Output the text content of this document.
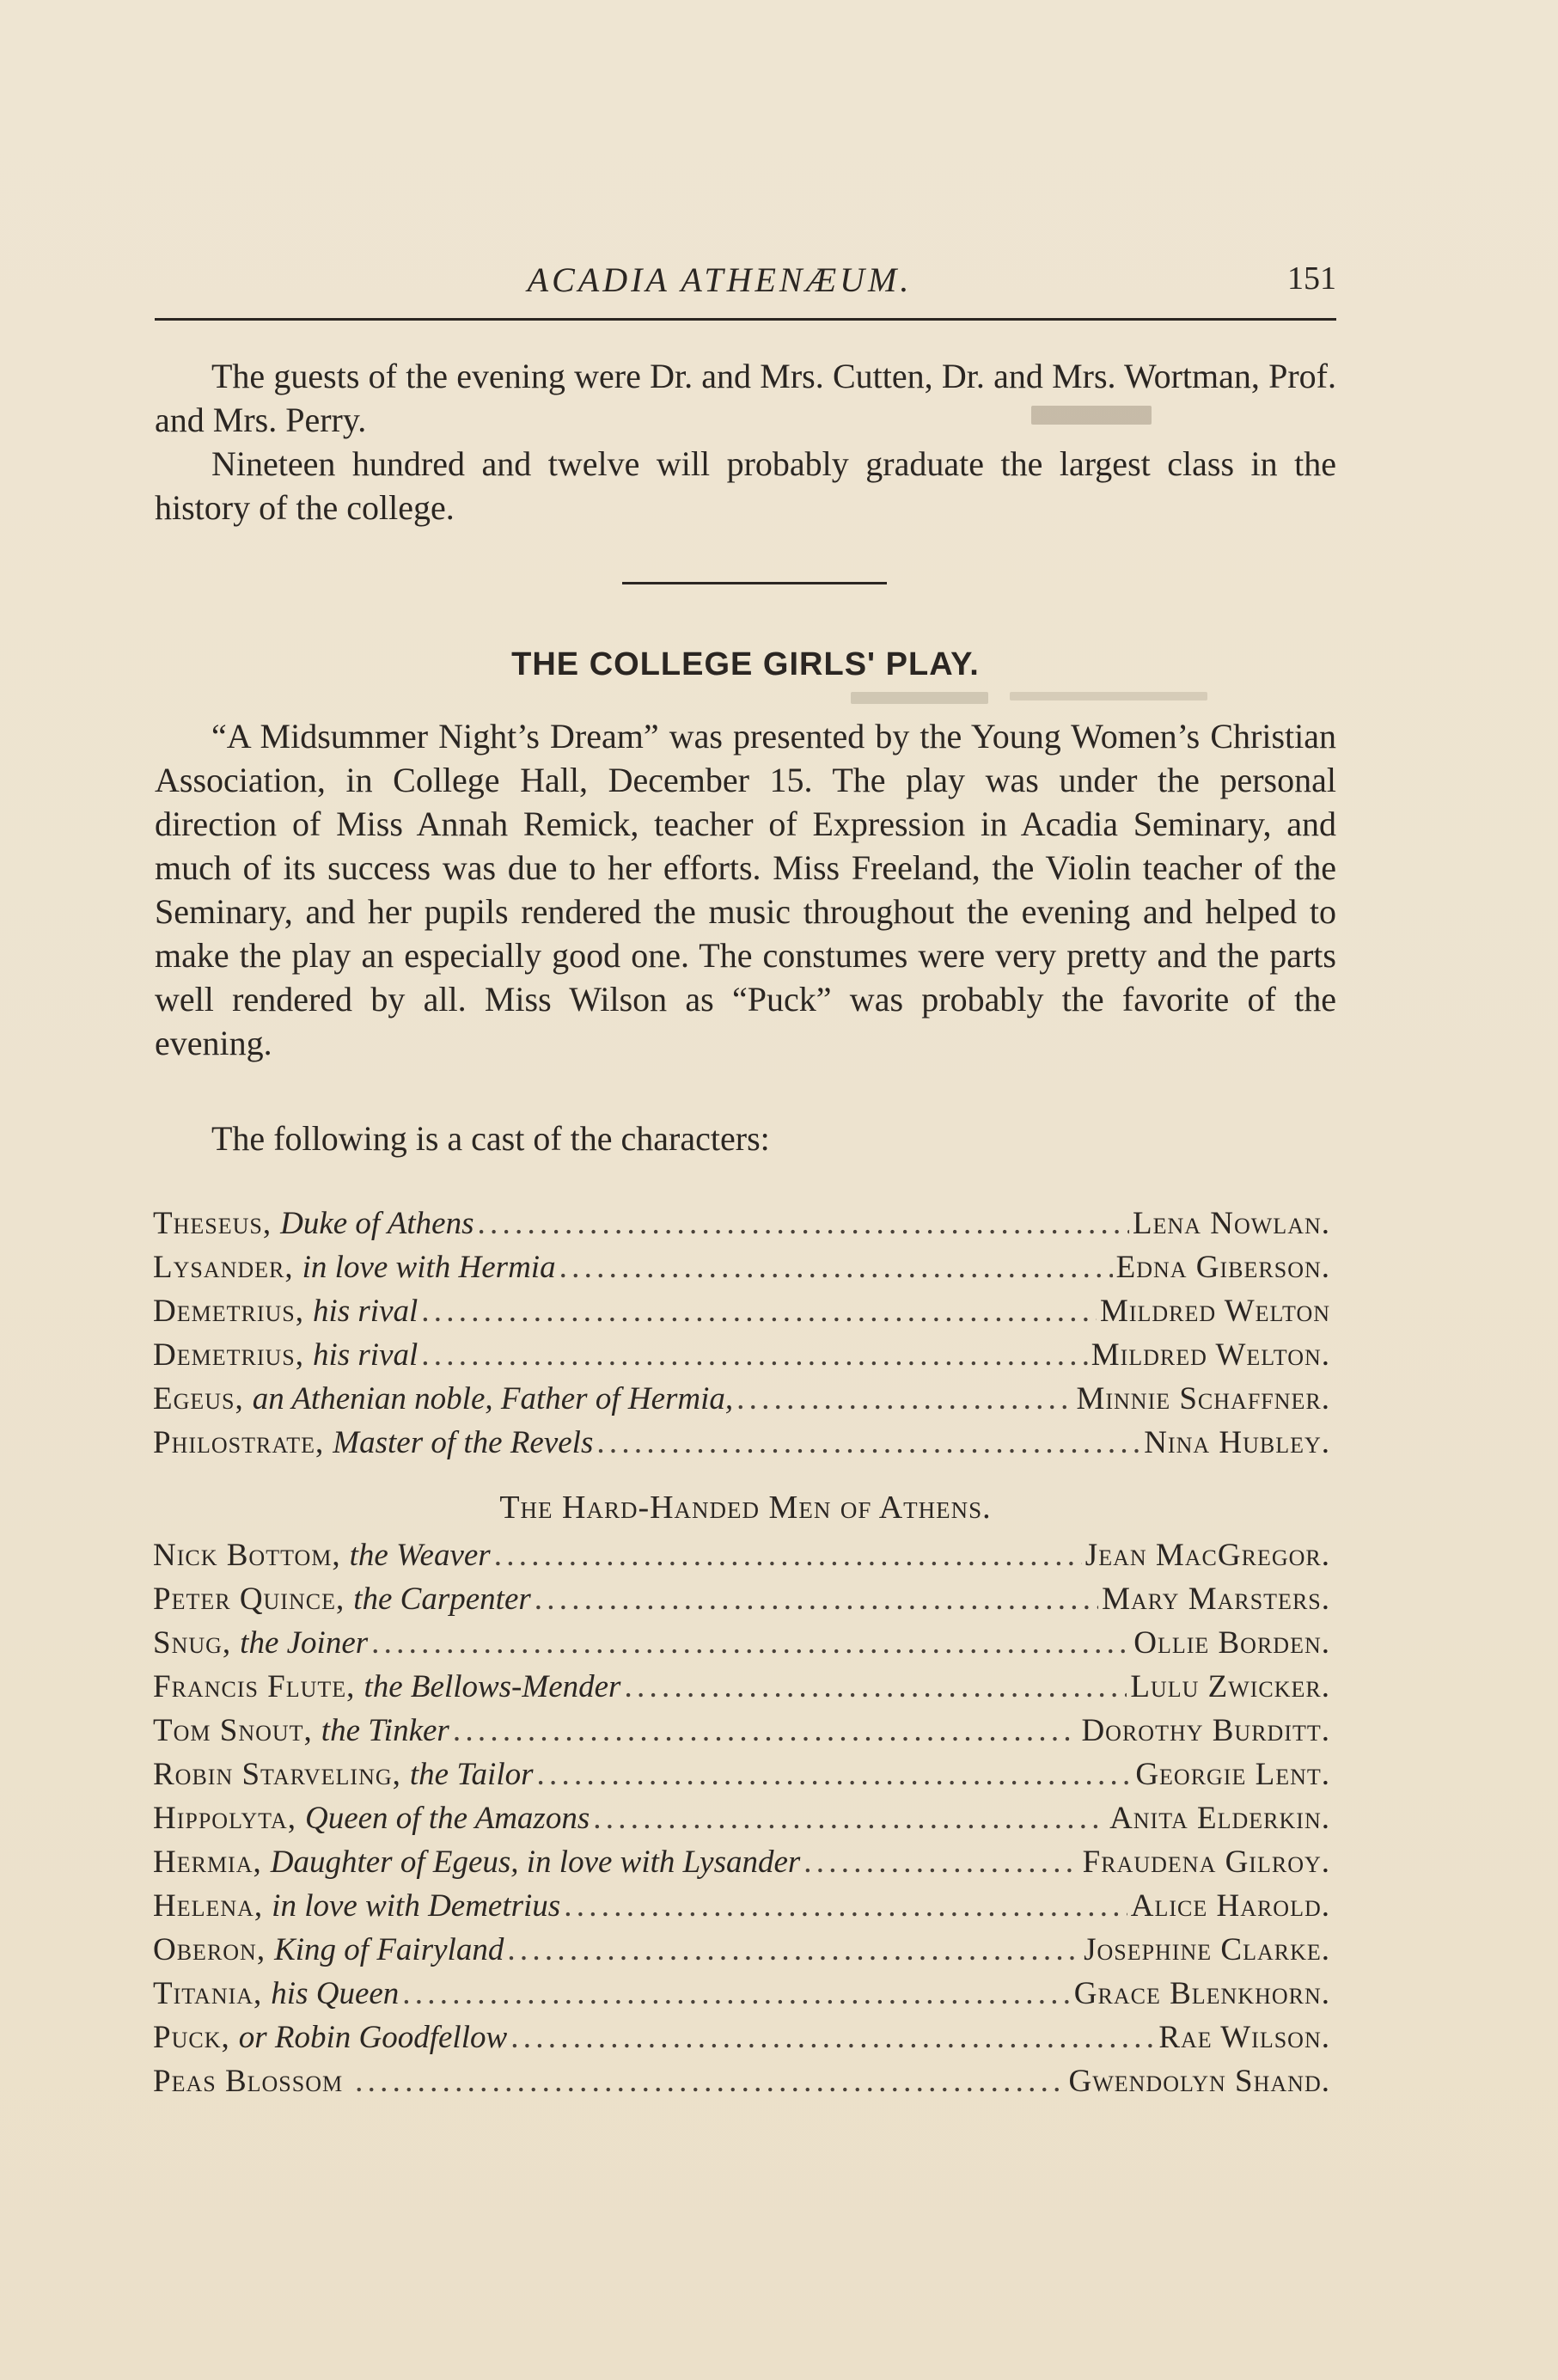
ACADIA ATHENÆUM.	151
The guests of the evening were Dr. and Mrs. Cutten, Dr. and Mrs. Wortman, Prof. and Mrs. Perry.
Nineteen hundred and twelve will probably graduate the largest class in the history of the college.
THE COLLEGE GIRLS' PLAY.
“A Midsummer Night’s Dream” was presented by the Young Women’s Christian Association, in College Hall, December 15. The play was under the personal direction of Miss Annah Remick, teacher of Expression in Acadia Seminary, and much of its success was due to her efforts. Miss Freeland, the Violin teacher of the Seminary, and her pupils rendered the music throughout the evening and helped to make the play an especially good one. The constumes were very pretty and the parts well rendered by all. Miss Wilson as “Puck” was probably the favorite of the evening.
The following is a cast of the characters:
Theseus, Duke of Athens . . .	Lena Nowlan.
Lysander, in love with Hermia . . .	Edna Giberson.
Demetrius, his rival . . .	Mildred Welton
Demetrius, his rival . . .	Mildred Welton.
Egeus, an Athenian noble, Father of Hermia, . . .	Minnie Schaffner.
Philostrate, Master of the Revels . . .	Nina Hubley.
The Hard-Handed Men of Athens.
Nick Bottom, the Weaver . . .	Jean MacGregor.
Peter Quince, the Carpenter . . .	Mary Marsters.
Snug, the Joiner . . .	Ollie Borden.
Francis Flute, the Bellows-Mender . . .	Lulu Zwicker.
Tom Snout, the Tinker . . .	Dorothy Burditt.
Robin Starveling, the Tailor . . .	Georgie Lent.
Hippolyta, Queen of the Amazons . . .	Anita Elderkin.
Hermia, Daughter of Egeus, in love with Lysander . . .	Fraudena Gilroy.
Helena, in love with Demetrius . . .	Alice Harold.
Oberon, King of Fairyland . . .	Josephine Clarke.
Titania, his Queen . . .	Grace Blenkhorn.
Puck, or Robin Goodfellow . . .	Rae Wilson.
Peas Blossom . . .	Gwendolyn Shand.
